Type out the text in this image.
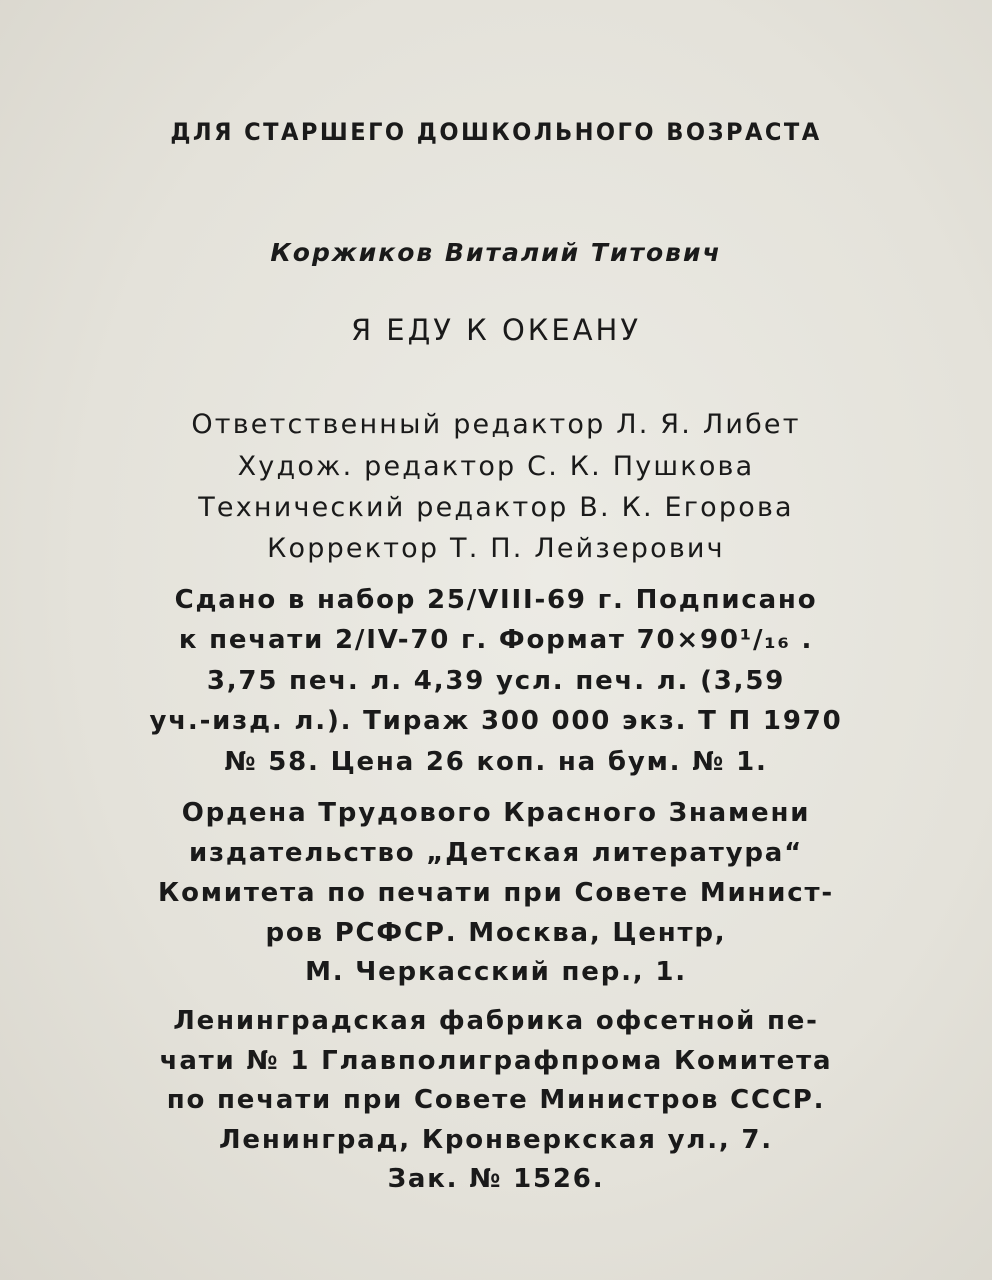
ДЛЯ СТАРШЕГО ДОШКОЛЬНОГО ВОЗРАСТА
Коржиков Виталий Титович
Я ЕДУ К ОКЕАНУ
Ответственный редактор Л. Я. Либет
Худож. редактор С. К. Пушкова
Технический редактор В. К. Егорова
Корректор Т. П. Лейзерович
Сдано в набор 25/VIII-69 г. Подписано
к печати 2/IV-70 г. Формат 70×90¹/₁₆ .
3,75 печ. л. 4,39 усл. печ. л. (3,59
уч.-изд. л.). Тираж 300 000 экз. Т П 1970
№ 58. Цена 26 коп. на бум. № 1.
Ордена Трудового Красного Знамени
издательство „Детская литература“
Комитета по печати при Совете Минист-
ров РСФСР. Москва, Центр,
М. Черкасский пер., 1.
Ленинградская фабрика офсетной пе-
чати № 1 Главполиграфпрома Комитета
по печати при Совете Министров СССР.
Ленинград, Кронверкская ул., 7.
Зак. № 1526.
